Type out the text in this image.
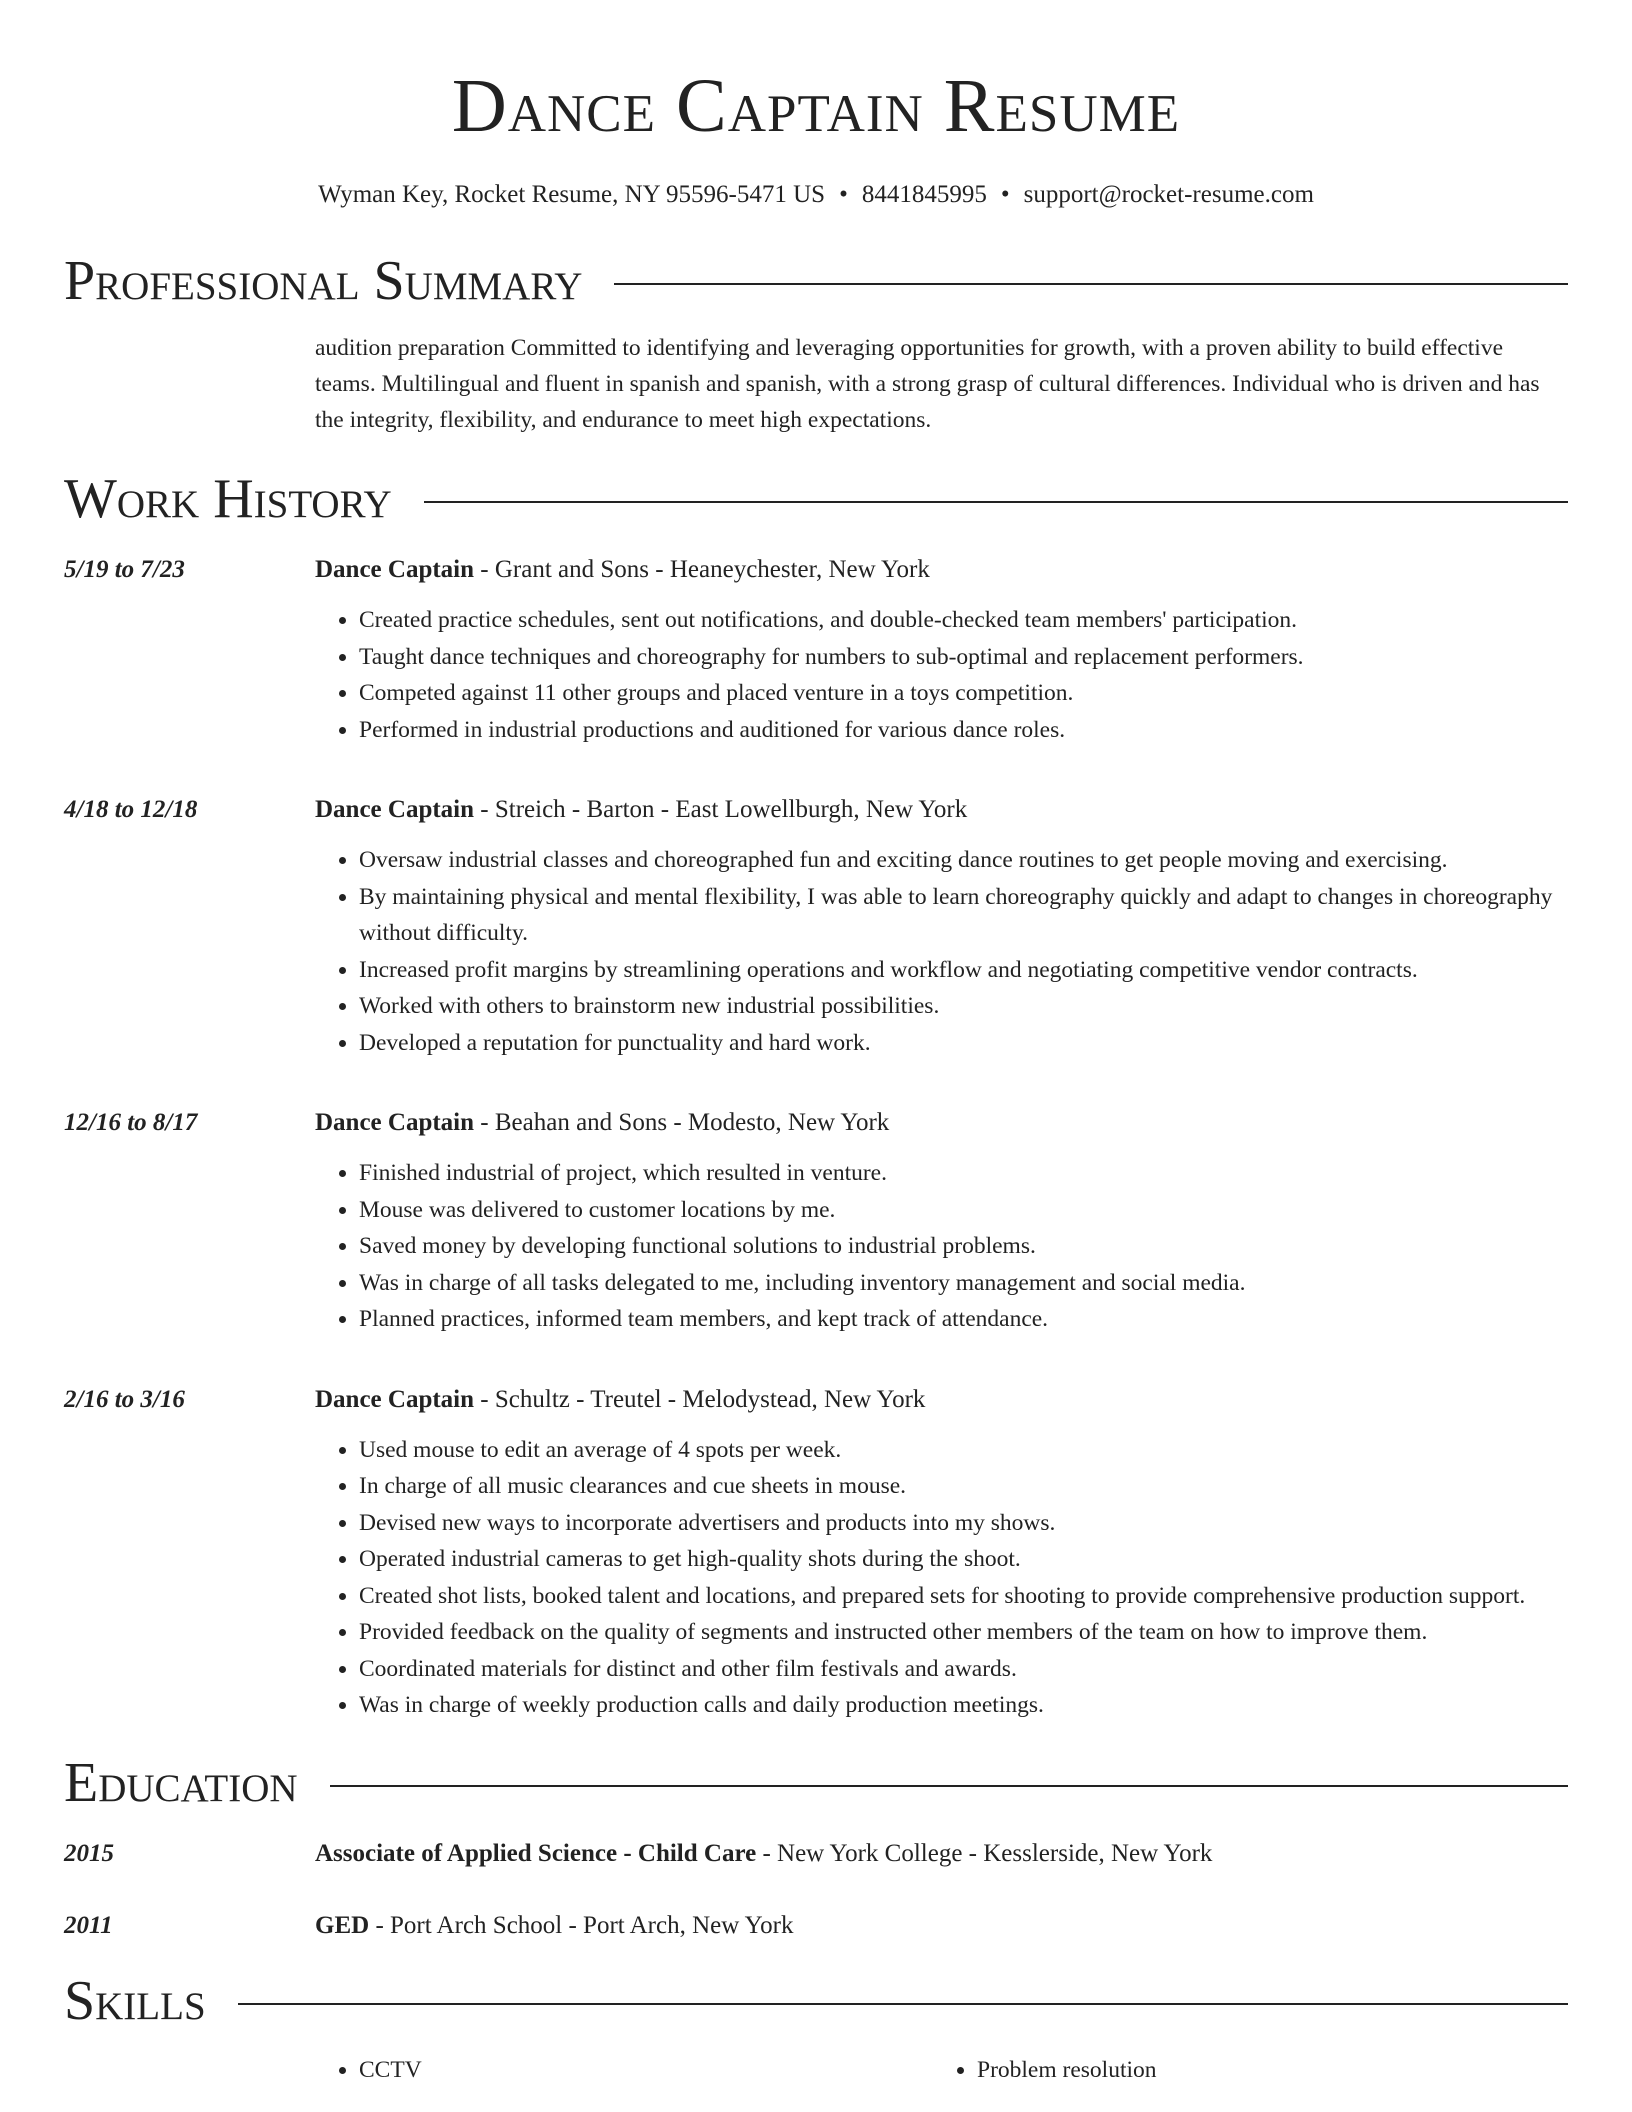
Dance Captain Resume
Wyman Key, Rocket Resume, NY 95596-5471 US • 8441845995 • support@rocket-resume.com
Professional Summary
audition preparation Committed to identifying and leveraging opportunities for growth, with a proven ability to build effective teams. Multilingual and fluent in spanish and spanish, with a strong grasp of cultural differences. Individual who is driven and has the integrity, flexibility, and endurance to meet high expectations.
Work History
5/19 to 7/23	Dance Captain - Grant and Sons - Heaneychester, New York
• Created practice schedules, sent out notifications, and double-checked team members' participation.
• Taught dance techniques and choreography for numbers to sub-optimal and replacement performers.
• Competed against 11 other groups and placed venture in a toys competition.
• Performed in industrial productions and auditioned for various dance roles.
4/18 to 12/18	Dance Captain - Streich - Barton - East Lowellburgh, New York
• Oversaw industrial classes and choreographed fun and exciting dance routines to get people moving and exercising.
• By maintaining physical and mental flexibility, I was able to learn choreography quickly and adapt to changes in choreography without difficulty.
• Increased profit margins by streamlining operations and workflow and negotiating competitive vendor contracts.
• Worked with others to brainstorm new industrial possibilities.
• Developed a reputation for punctuality and hard work.
12/16 to 8/17	Dance Captain - Beahan and Sons - Modesto, New York
• Finished industrial of project, which resulted in venture.
• Mouse was delivered to customer locations by me.
• Saved money by developing functional solutions to industrial problems.
• Was in charge of all tasks delegated to me, including inventory management and social media.
• Planned practices, informed team members, and kept track of attendance.
2/16 to 3/16	Dance Captain - Schultz - Treutel - Melodystead, New York
• Used mouse to edit an average of 4 spots per week.
• In charge of all music clearances and cue sheets in mouse.
• Devised new ways to incorporate advertisers and products into my shows.
• Operated industrial cameras to get high-quality shots during the shoot.
• Created shot lists, booked talent and locations, and prepared sets for shooting to provide comprehensive production support.
• Provided feedback on the quality of segments and instructed other members of the team on how to improve them.
• Coordinated materials for distinct and other film festivals and awards.
• Was in charge of weekly production calls and daily production meetings.
Education
2015	Associate of Applied Science - Child Care - New York College - Kesslerside, New York
2011	GED - Port Arch School - Port Arch, New York
Skills
• CCTV
•	Problem resolution
